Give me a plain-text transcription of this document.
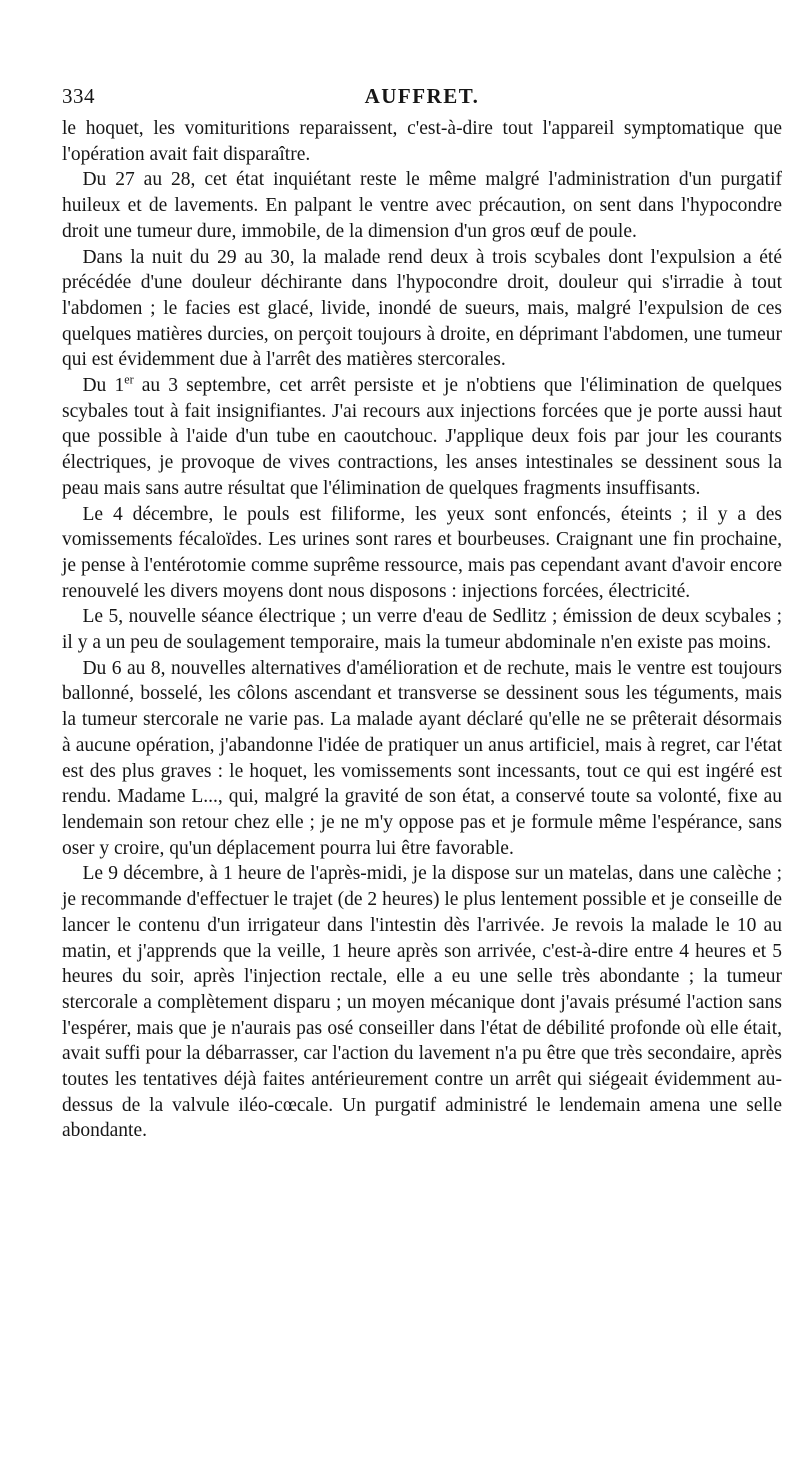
334	AUFFRET.

le hoquet, les vomituritions reparaissent, c'est-à-dire tout l'appareil symptomatique que l'opération avait fait disparaître.

Du 27 au 28, cet état inquiétant reste le même malgré l'administration d'un purgatif huileux et de lavements. En palpant le ventre avec précaution, on sent dans l'hypocondre droit une tumeur dure, immobile, de la dimension d'un gros œuf de poule.

Dans la nuit du 29 au 30, la malade rend deux à trois scybales dont l'expulsion a été précédée d'une douleur déchirante dans l'hypocondre droit, douleur qui s'irradie à tout l'abdomen ; le facies est glacé, livide, inondé de sueurs, mais, malgré l'expulsion de ces quelques matières durcies, on perçoit toujours à droite, en déprimant l'abdomen, une tumeur qui est évidemment due à l'arrêt des matières stercorales.

Du 1er au 3 septembre, cet arrêt persiste et je n'obtiens que l'élimination de quelques scybales tout à fait insignifiantes. J'ai recours aux injections forcées que je porte aussi haut que possible à l'aide d'un tube en caoutchouc. J'applique deux fois par jour les courants électriques, je provoque de vives contractions, les anses intestinales se dessinent sous la peau mais sans autre résultat que l'élimination de quelques fragments insuffisants.

Le 4 décembre, le pouls est filiforme, les yeux sont enfoncés, éteints ; il y a des vomissements fécaloïdes. Les urines sont rares et bourbeuses. Craignant une fin prochaine, je pense à l'entérotomie comme suprême ressource, mais pas cependant avant d'avoir encore renouvelé les divers moyens dont nous disposons : injections forcées, électricité.

Le 5, nouvelle séance électrique ; un verre d'eau de Sedlitz ; émission de deux scybales ; il y a un peu de soulagement temporaire, mais la tumeur abdominale n'en existe pas moins.

Du 6 au 8, nouvelles alternatives d'amélioration et de rechute, mais le ventre est toujours ballonné, bosselé, les côlons ascendant et transverse se dessinent sous les téguments, mais la tumeur stercorale ne varie pas. La malade ayant déclaré qu'elle ne se prêterait désormais à aucune opération, j'abandonne l'idée de pratiquer un anus artificiel, mais à regret, car l'état est des plus graves : le hoquet, les vomissements sont incessants, tout ce qui est ingéré est rendu. Madame L..., qui, malgré la gravité de son état, a conservé toute sa volonté, fixe au lendemain son retour chez elle ; je ne m'y oppose pas et je formule même l'espérance, sans oser y croire, qu'un déplacement pourra lui être favorable.

Le 9 décembre, à 1 heure de l'après-midi, je la dispose sur un matelas, dans une calèche ; je recommande d'effectuer le trajet (de 2 heures) le plus lentement possible et je conseille de lancer le contenu d'un irrigateur dans l'intestin dès l'arrivée. Je revois la malade le 10 au matin, et j'apprends que la veille, 1 heure après son arrivée, c'est-à-dire entre 4 heures et 5 heures du soir, après l'injection rectale, elle a eu une selle très abondante ; la tumeur stercorale a complètement disparu ; un moyen mécanique dont j'avais présumé l'action sans l'espérer, mais que je n'aurais pas osé conseiller dans l'état de débilité profonde où elle était, avait suffi pour la débarrasser, car l'action du lavement n'a pu être que très secondaire, après toutes les tentatives déjà faites antérieurement contre un arrêt qui siégeait évidemment au-dessus de la valvule iléo-cœcale. Un purgatif administré le lendemain amena une selle abondante.
